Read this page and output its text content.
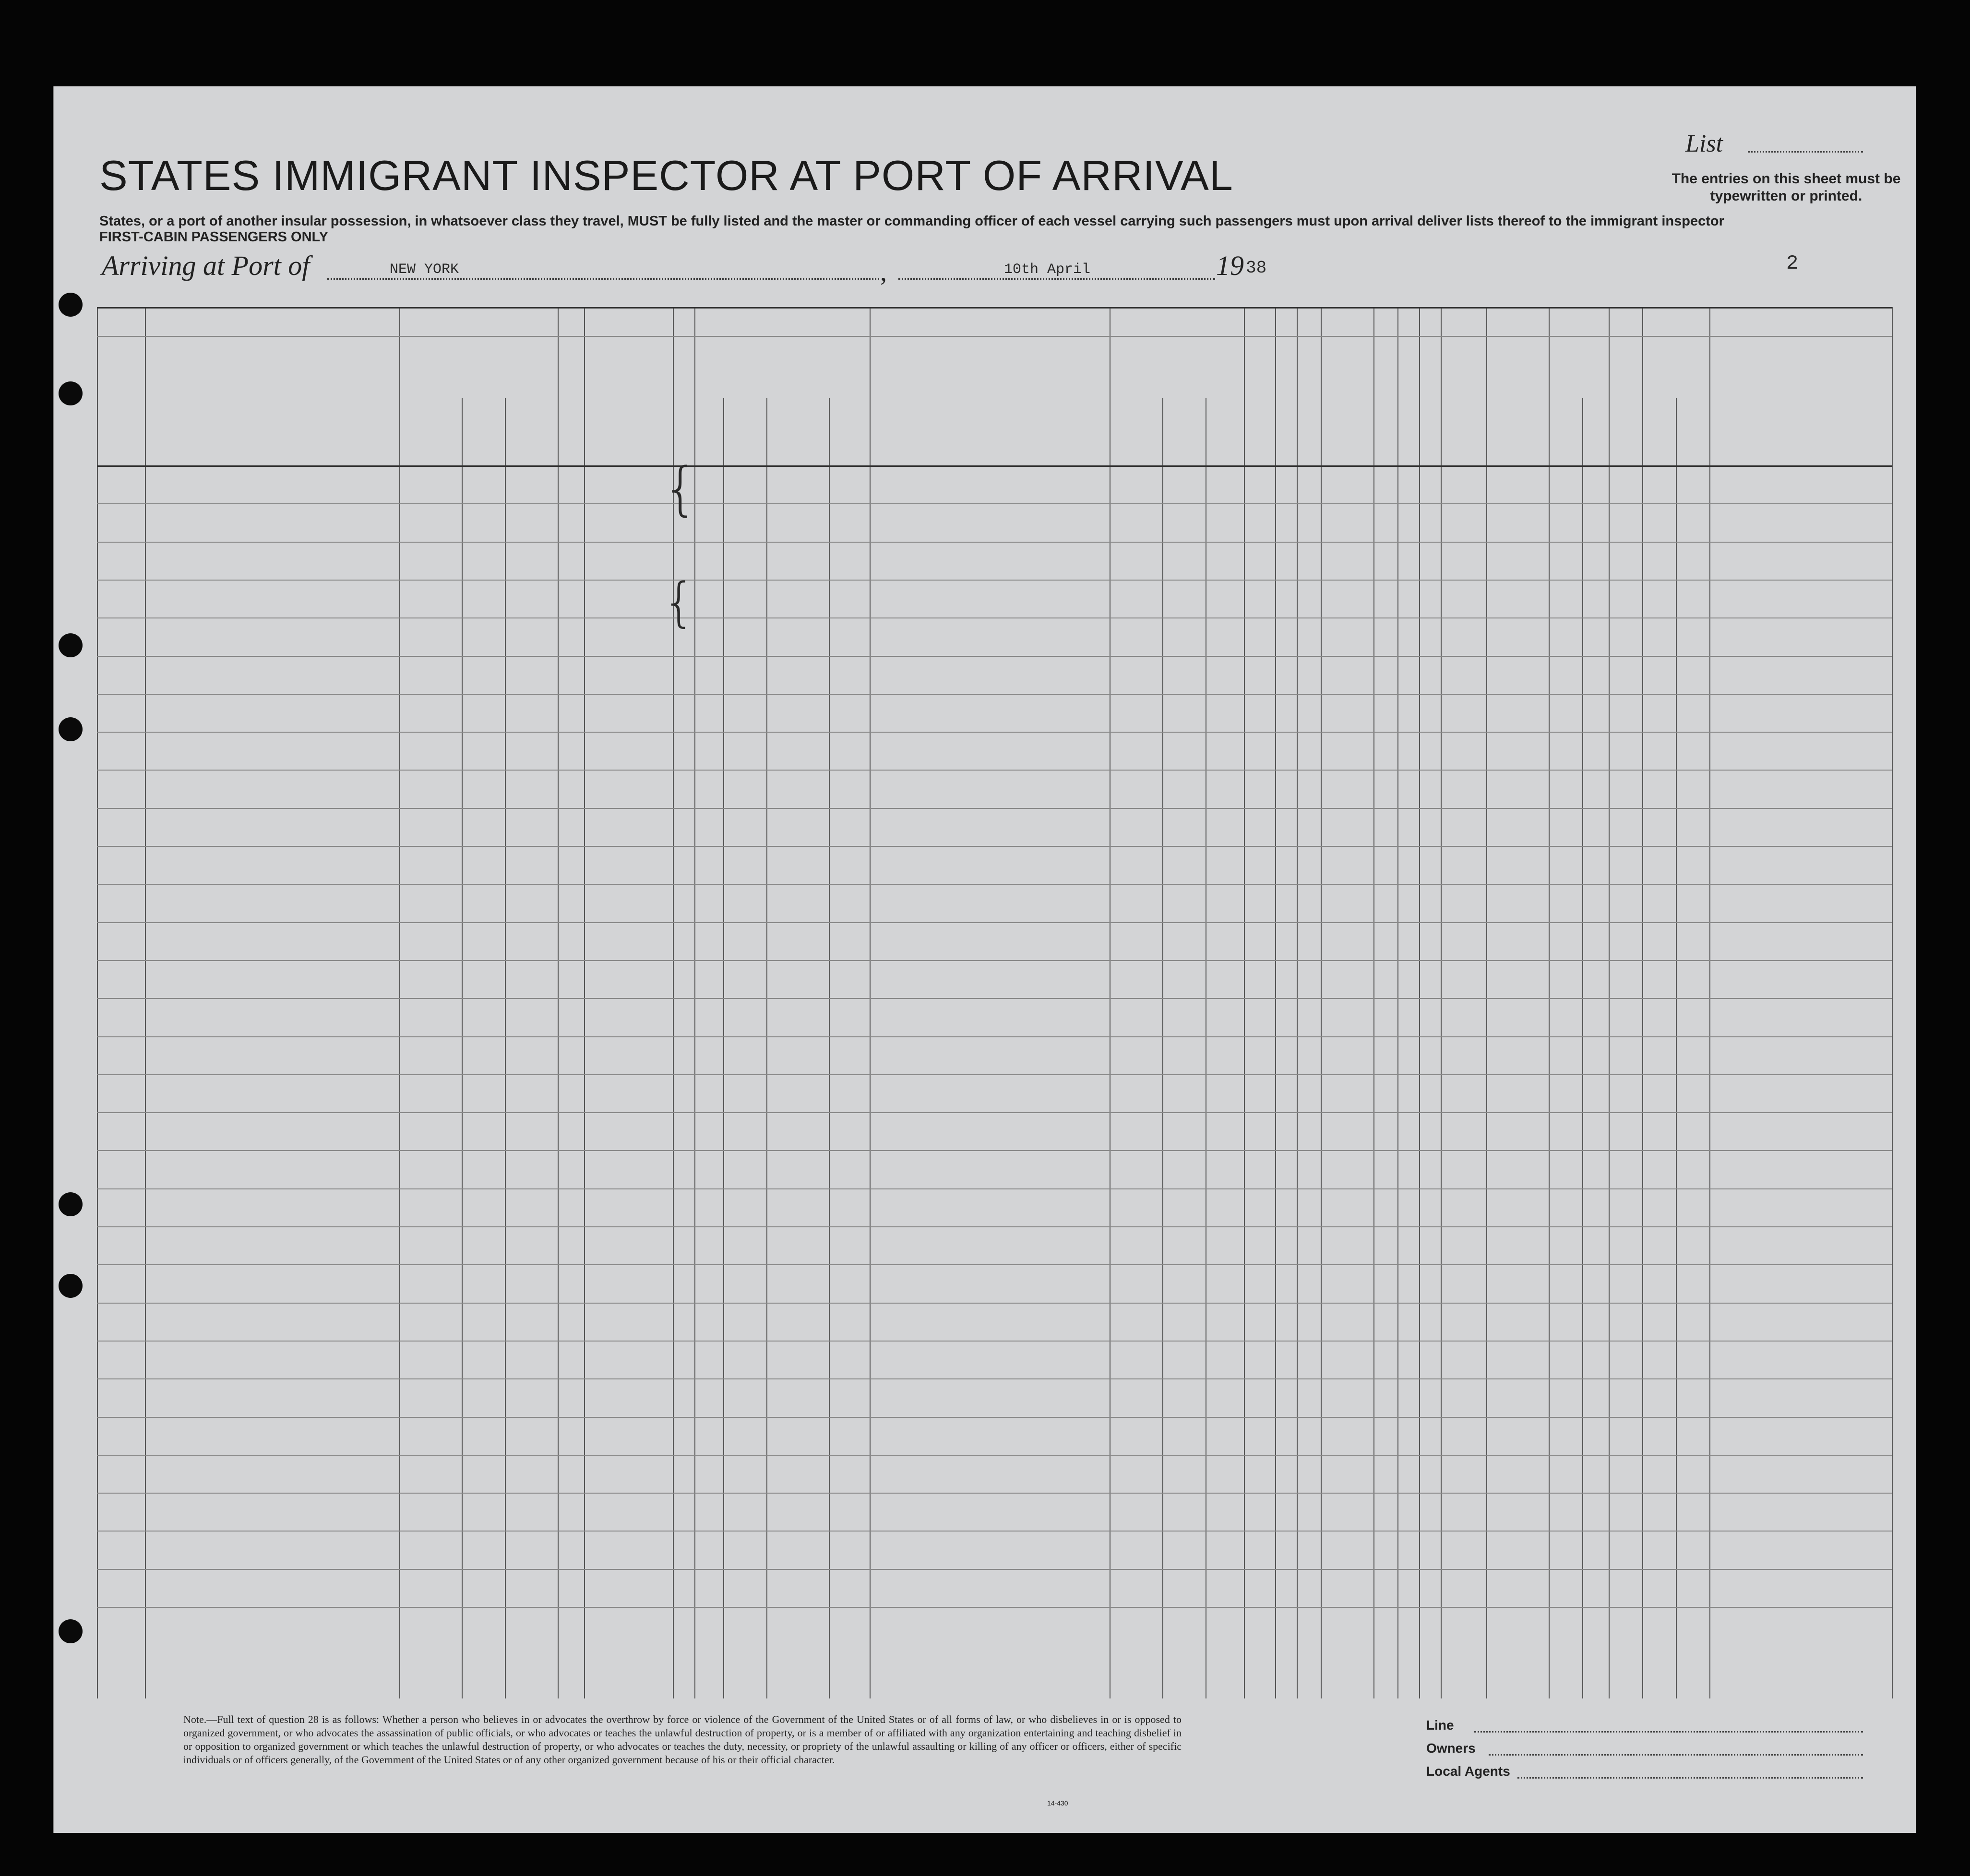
List
The entries on this sheet must be typewritten or printed.
STATES IMMIGRANT INSPECTOR AT PORT OF ARRIVAL
States, or a port of another insular possession, in whatsoever class they travel, MUST be fully listed and the master or commanding officer of each vessel carrying such passengers must upon arrival deliver lists thereof to the immigrant inspector
FIRST-CABIN PASSENGERS ONLY
Arriving at Port of	NEW YORK	,	10th April	19 38	2
{
{
Note.—Full text of question 28 is as follows: Whether a person who believes in or advocates the overthrow by force or violence of the Government of the United States or of all forms of law, or who disbelieves in or is opposed to organized government, or who advocates the assassination of public officials, or who advocates or teaches the unlawful destruction of property, or is a member of or affiliated with any organization entertaining and teaching disbelief in or opposition to organized government or which teaches the unlawful destruction of property, or who advocates or teaches the duty, necessity, or propriety of the unlawful assaulting or killing of any officer or officers, either of specific individuals or of officers generally, of the Government of the United States or of any other organized government because of his or their official character.
14-430
Line
Owners
Local Agents
